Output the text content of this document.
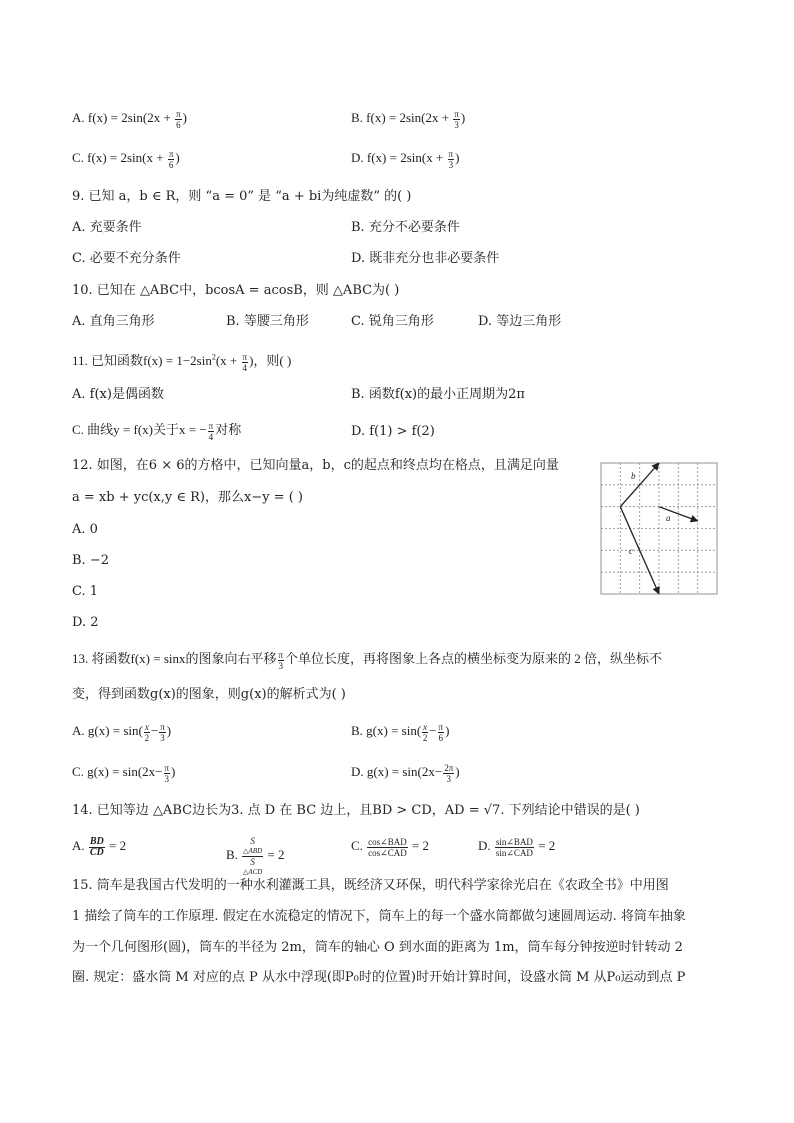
A. $f(x) = 2\sin(2x + \frac{\pi}{6}$ )	B. $f(x) = 2\sin(2x + \frac{\pi}{3}$ )
C. $f(x) = 2\sin(x + \frac{\pi}{6}$ )	D. $f(x) = 2\sin(x + \frac{\pi}{3}$ )
9. 已知 a，b ∈ R，则 “a = 0” 是 “a + bi为纯虚数” 的( )
A. 充要条件	B. 充分不必要条件
C. 必要不充分条件	D. 既非充分也非必要条件
10. 已知在 △ABC中，bcosA = acosB，则 △ABC为( )
A. 直角三角形	B. 等腰三角形	C. 锐角三角形	D. 等边三角形
11. 已知函数$f(x) = 1-2\sin^2(x + \frac{\pi}{4}$ )，则( )
A. f(x)是偶函数	B. 函数f(x)的最小正周期为2π
C. 曲线y = f(x)关于x = − $\frac{\pi}{4}$ 对称	D. f(1) > f(2)
12. 如图，在6 × 6的方格中，已知向量a，b，c的起点和终点均在格点，且满足向量
a = xb + yc(x,y ∈ R)，那么x−y = ( )
A. 0
B. −2
C. 1
D. 2
b
a
c
13. 将函数f(x) = sinx的图象向右平移 $\frac{\pi}{3}$ 个单位长度，再将图象上各点的横坐标变为原来的 2 倍，纵坐标不
变，得到函数g(x)的图象，则g(x)的解析式为( )
A. $g(x) = \sin( \frac{x}{2} - \frac{\pi}{3}$ )	B. $g(x) = \sin( \frac{x}{2} - \frac{\pi}{6}$ )
C. $g(x) = \sin(2x- \frac{\pi}{3}$ )	D. $g(x) = \sin(2x- \frac{2\pi}{3}$ )
14. 已知等边 △ABC边长为3. 点 D 在 BC 边上，且BD > CD，AD = √7. 下列结论中错误的是( )
A. $\frac{BD}{CD} = 2$
B. S
△ABD
S
△ACD = 2
C. $\frac{\text{cos∠BAD}}{\text{cos∠CAD}} = 2$	D. $\frac{\text{sin∠BAD}}{\text{sin∠CAD}} = 2$
15. 筒车是我国古代发明的一种水利灌溉工具，既经济又环保，明代科学家徐光启在《农政全书》中用图
1 描绘了筒车的工作原理. 假定在水流稳定的情况下，筒车上的每一个盛水筒都做匀速圆周运动. 将筒车抽象
为一个几何图形(圆)，筒车的半径为 2m，筒车的轴心 O 到水面的距离为 1m，筒车每分钟按逆时针转动 2
圈. 规定：盛水筒 M 对应的点 P 从水中浮现(即P₀时的位置)时开始计算时间，设盛水筒 M 从P₀运动到点 P
